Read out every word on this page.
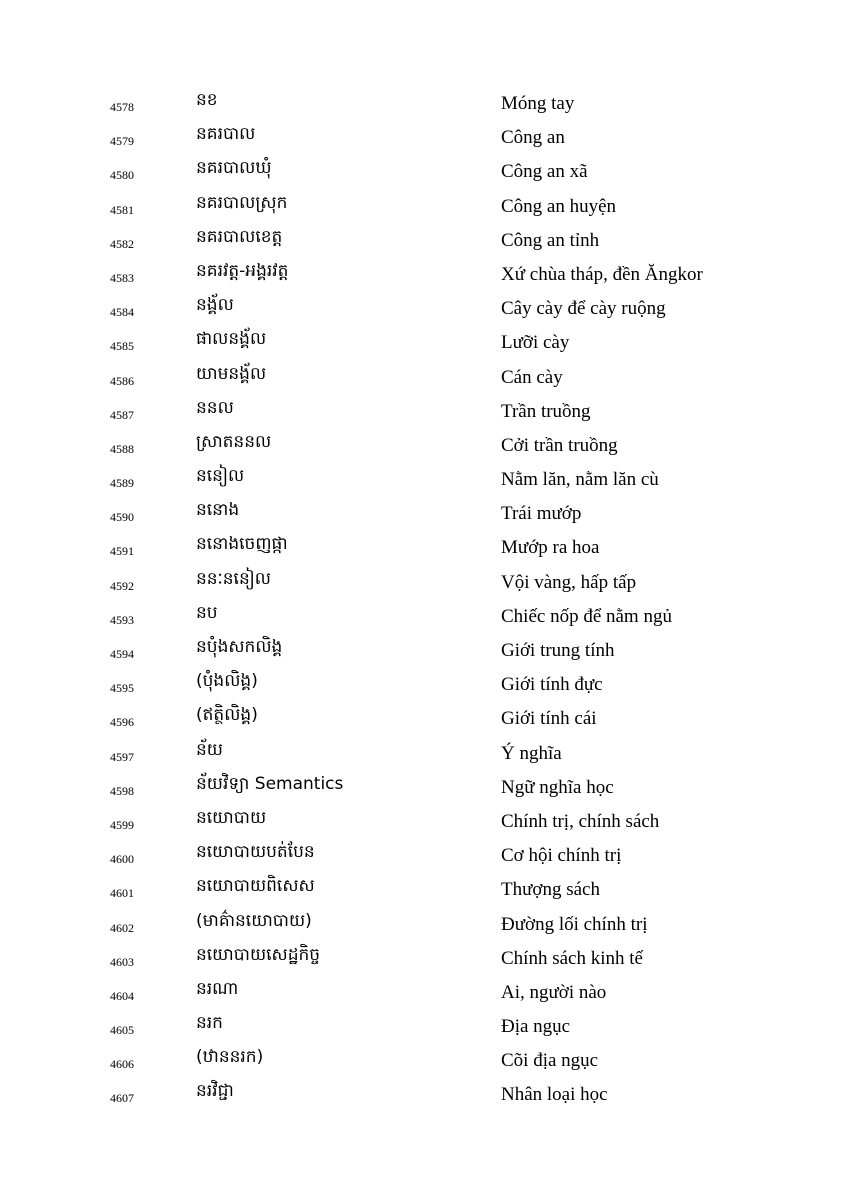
4578	នខ	Móng tay
4579	នគរបាល	Công an
4580	នគរបាលឃុំ	Công an xã
4581	នគរបាលស្រុក	Công an huyện
4582	នគរបាលខេត្ត	Công an tỉnh
4583	នគរវត្ត-អង្គរវត្ត	Xứ chùa tháp, đền Ăngkor
4584	នង្គ័ល	Cây cày để cày ruộng
4585	ផាលនង្គ័ល	Lưỡi cày
4586	យាមនង្គ័ល	Cán cày
4587	ននល	Trần truồng
4588	ស្រាតននល	Cởi trần truồng
4589	ននៀល	Nằm lăn, nằm lăn cù
4590	ននោង	Trái mướp
4591	ននោងចេញផ្កា	Mướp ra hoa
4592	ននៈននៀល	Vội vàng, hấp tấp
4593	នប	Chiếc nốp để nằm ngủ
4594	នបុំងសកលិង្គ	Giới trung tính
4595	(បុំងលិង្គ)	Giới tính đực
4596	(ឥត្ថិលិង្គ)	Giới tính cái
4597	ន័យ	Ý nghĩa
4598	ន័យវិទ្យា Semantics	Ngữ nghĩa học
4599	នយោបាយ	Chính trị, chính sách
4600	នយោបាយបត់បែន	Cơ hội chính trị
4601	នយោបាយពិសេស	Thượng sách
4602	(មាគ៌ានយោបាយ)	Đường lối chính trị
4603	នយោបាយសេដ្ឋកិច្ច	Chính sách kinh tế
4604	នរណា	Ai, người nào
4605	នរក	Địa ngục
4606	(ឋាននរក)	Cõi địa ngục
4607	នរវិជ្ជា	Nhân loại học
